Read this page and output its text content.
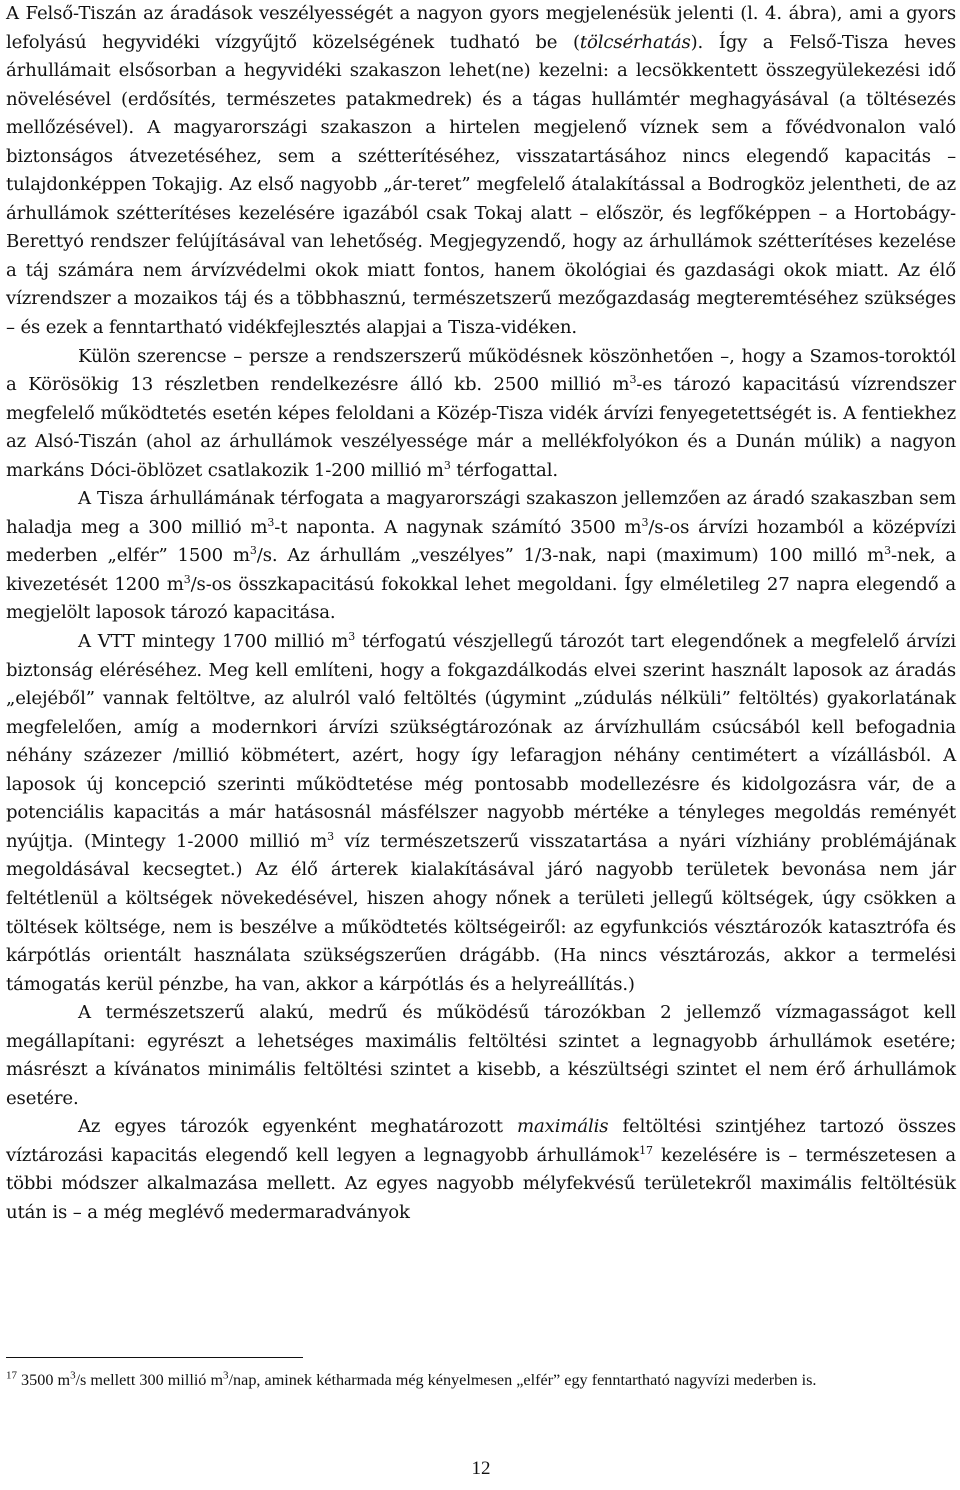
A Felső-Tiszán az áradások veszélyességét a nagyon gyors megjelenésük jelenti (l. 4. ábra), ami a gyors lefolyású hegyvidéki vízgyűjtő közelségének tudható be (tölcsérhatás). Így a Felső-Tisza heves árhullámait elsősorban a hegyvidéki szakaszon lehet(ne) kezelni: a lecsökkentett összegyülekezési idő növelésével (erdősítés, természetes patakmedrek) és a tágas hullámtér meghagyásával (a töltésezés mellőzésével). A magyarországi szakaszon a hirtelen megjelenő víznek sem a fővédvonalon való biztonságos átvezetéséhez, sem a szétterítéséhez, visszatartásához nincs elegendő kapacitás – tulajdonképpen Tokajig. Az első nagyobb „ár-teret” megfelelő átalakítással a Bodrogköz jelentheti, de az árhullámok szétterítéses kezelésére igazából csak Tokaj alatt – először, és legfőképpen – a Hortobágy-Berettyó rendszer felújításával van lehetőség. Megjegyzendő, hogy az árhullámok szétterítéses kezelése a táj számára nem árvízvédelmi okok miatt fontos, hanem ökológiai és gazdasági okok miatt. Az élő vízrendszer a mozaikos táj és a többhasznú, természetszerű mezőgazdaság megteremtéséhez szükséges – és ezek a fenntartható vidékfejlesztés alapjai a Tisza-vidéken.

Külön szerencse – persze a rendszerszerű működésnek köszönhetően –, hogy a Szamos-toroktól a Körösökig 13 részletben rendelkezésre álló kb. 2500 millió $m^3-es$ tározó kapacitású vízrendszer megfelelő működtetés esetén képes feloldani a Közép-Tisza vidék árvízi fenyegetettségét is. A fentiekhez az Alsó-Tiszán (ahol az árhullámok veszélyessége már a mellékfolyókon és a Dunán múlik) a nagyon markáns Dóci-öblözet csatlakozik 1-200 millió $m^3$ térfogattal.

A Tisza árhullámának térfogata a magyarországi szakaszon jellemzően az áradó szakaszban sem haladja meg a 300 millió $m^3-t$ naponta. A nagynak számító 3500 $m^3/s-os$ árvízi hozamból a középvízi mederben „elfér” 1500 $m^3/s$. Az árhullám „veszélyes” 1/3-nak, napi (maximum) 100 milló $m^3$-nek, a kivezetését 1200 $m^3/s-os$ összkapacitású fokokkal lehet megoldani. Így elméletileg 27 napra elegendő a megjelölt laposok tározó kapacitása.

A VTT mintegy 1700 millió $m^3$ térfogatú vészjellegű tározót tart elegendőnek a megfelelő árvízi biztonság eléréséhez. Meg kell említeni, hogy a fokgazdálkodás elvei szerint használt laposok az áradás „elejéből” vannak feltöltve, az alulról való feltöltés (úgymint „zúdulás nélküli” feltöltés) gyakorlatának megfelelően, amíg a modernkori árvízi szükségtározónak az árvízhullám csúcsából kell befogadnia néhány százezer /millió köbmétert, azért, hogy így lefaragjon néhány centimétert a vízállásból. A laposok új koncepció szerinti működtetése még pontosabb modellezésre és kidolgozásra vár, de a potenciális kapacitás a már hatásosnál másfélszer nagyobb mértéke a tényleges megoldás reményét nyújtja. (Mintegy 1-2000 millió $m^3$ víz természetszerű visszatartása a nyári vízhiány problémájának megoldásával kecsegtet.) Az élő árterek kialakításával járó nagyobb területek bevonása nem jár feltétlenül a költségek növekedésével, hiszen ahogy nőnek a területi jellegű költségek, úgy csökken a töltések költsége, nem is beszélve a működtetés költségeiről: az egyfunkciós vésztározók katasztrófa és kárpótlás orientált használata szükségszerűen drágább. (Ha nincs vésztározás, akkor a termelési támogatás kerül pénzbe, ha van, akkor a kárpótlás és a helyreállítás.)

A természetszerű alakú, medrű és működésű tározókban 2 jellemző vízmagasságot kell megállapítani: egyrészt a lehetséges maximális feltöltési szintet a legnagyobb árhullámok esetére; másrészt a kívánatos minimális feltöltési szintet a kisebb, a készültségi szintet el nem érő árhullámok esetére.

Az egyes tározók egyenként meghatározott maximális feltöltési szintjéhez tartozó összes víztározási kapacitás elegendő kell legyen a legnagyobb árhullámok$^{17}$ kezelésére is – természetesen a többi módszer alkalmazása mellett. Az egyes nagyobb mélyfekvésű területekről maximális feltöltésük után is – a még meglévő medermaradványok

$^{17}$ 3500 $m^3/s$ mellett 300 millió $m^3$/nap, aminek kétharmada még kényelmesen „elfér” egy fenntartható nagyvízi mederben is.
12
